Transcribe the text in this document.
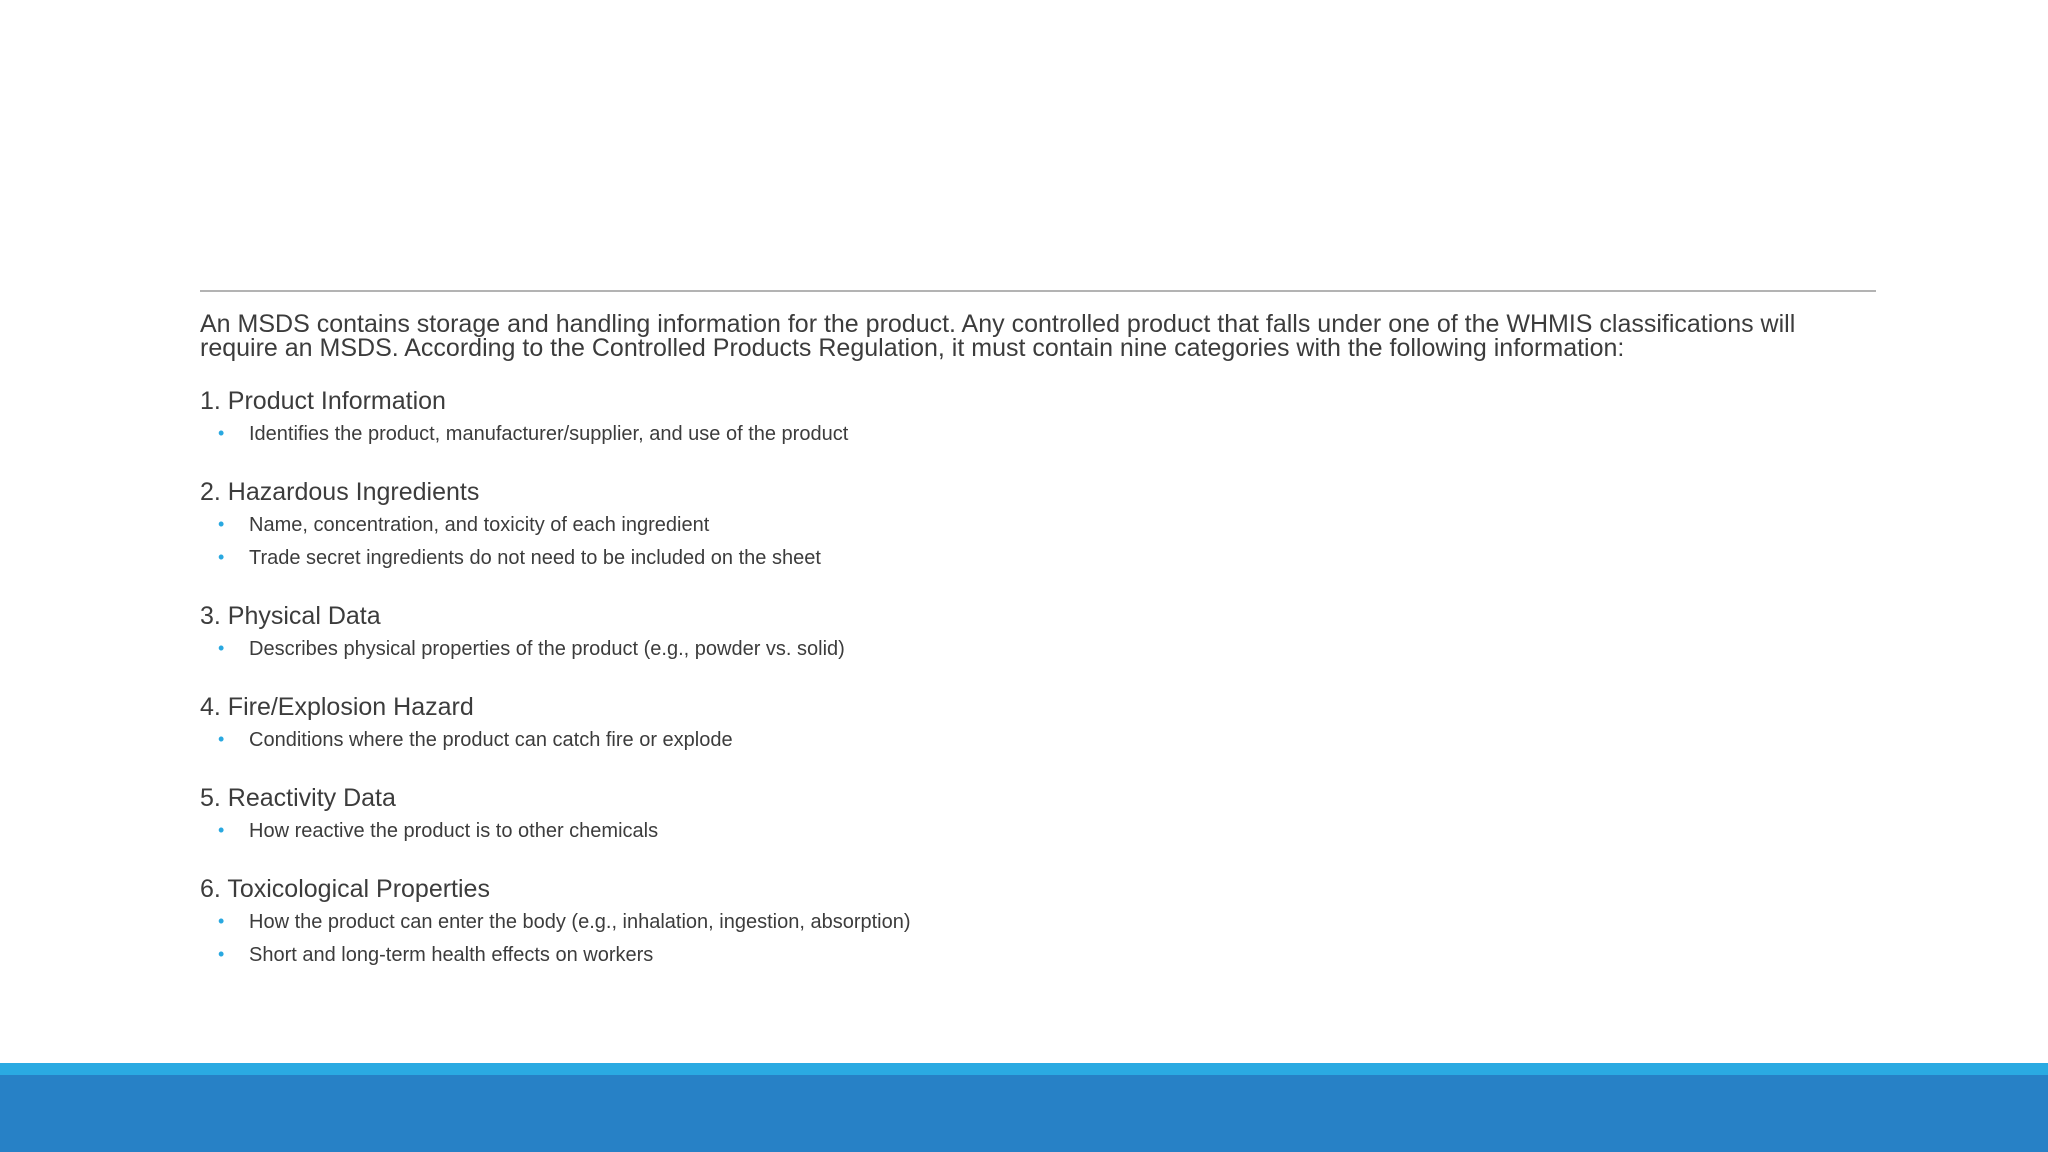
An MSDS contains storage and handling information for the product. Any controlled product that falls under one of the WHMIS classifications will require an MSDS. According to the Controlled Products Regulation, it must contain nine categories with the following information:

1. Product Information
• Identifies the product, manufacturer/supplier, and use of the product
2. Hazardous Ingredients
• Name, concentration, and toxicity of each ingredient
• Trade secret ingredients do not need to be included on the sheet
3. Physical Data
• Describes physical properties of the product (e.g., powder vs. solid)
4. Fire/Explosion Hazard
• Conditions where the product can catch fire or explode
5. Reactivity Data
• How reactive the product is to other chemicals
6. Toxicological Properties
• How the product can enter the body (e.g., inhalation, ingestion, absorption)
• Short and long-term health effects on workers
